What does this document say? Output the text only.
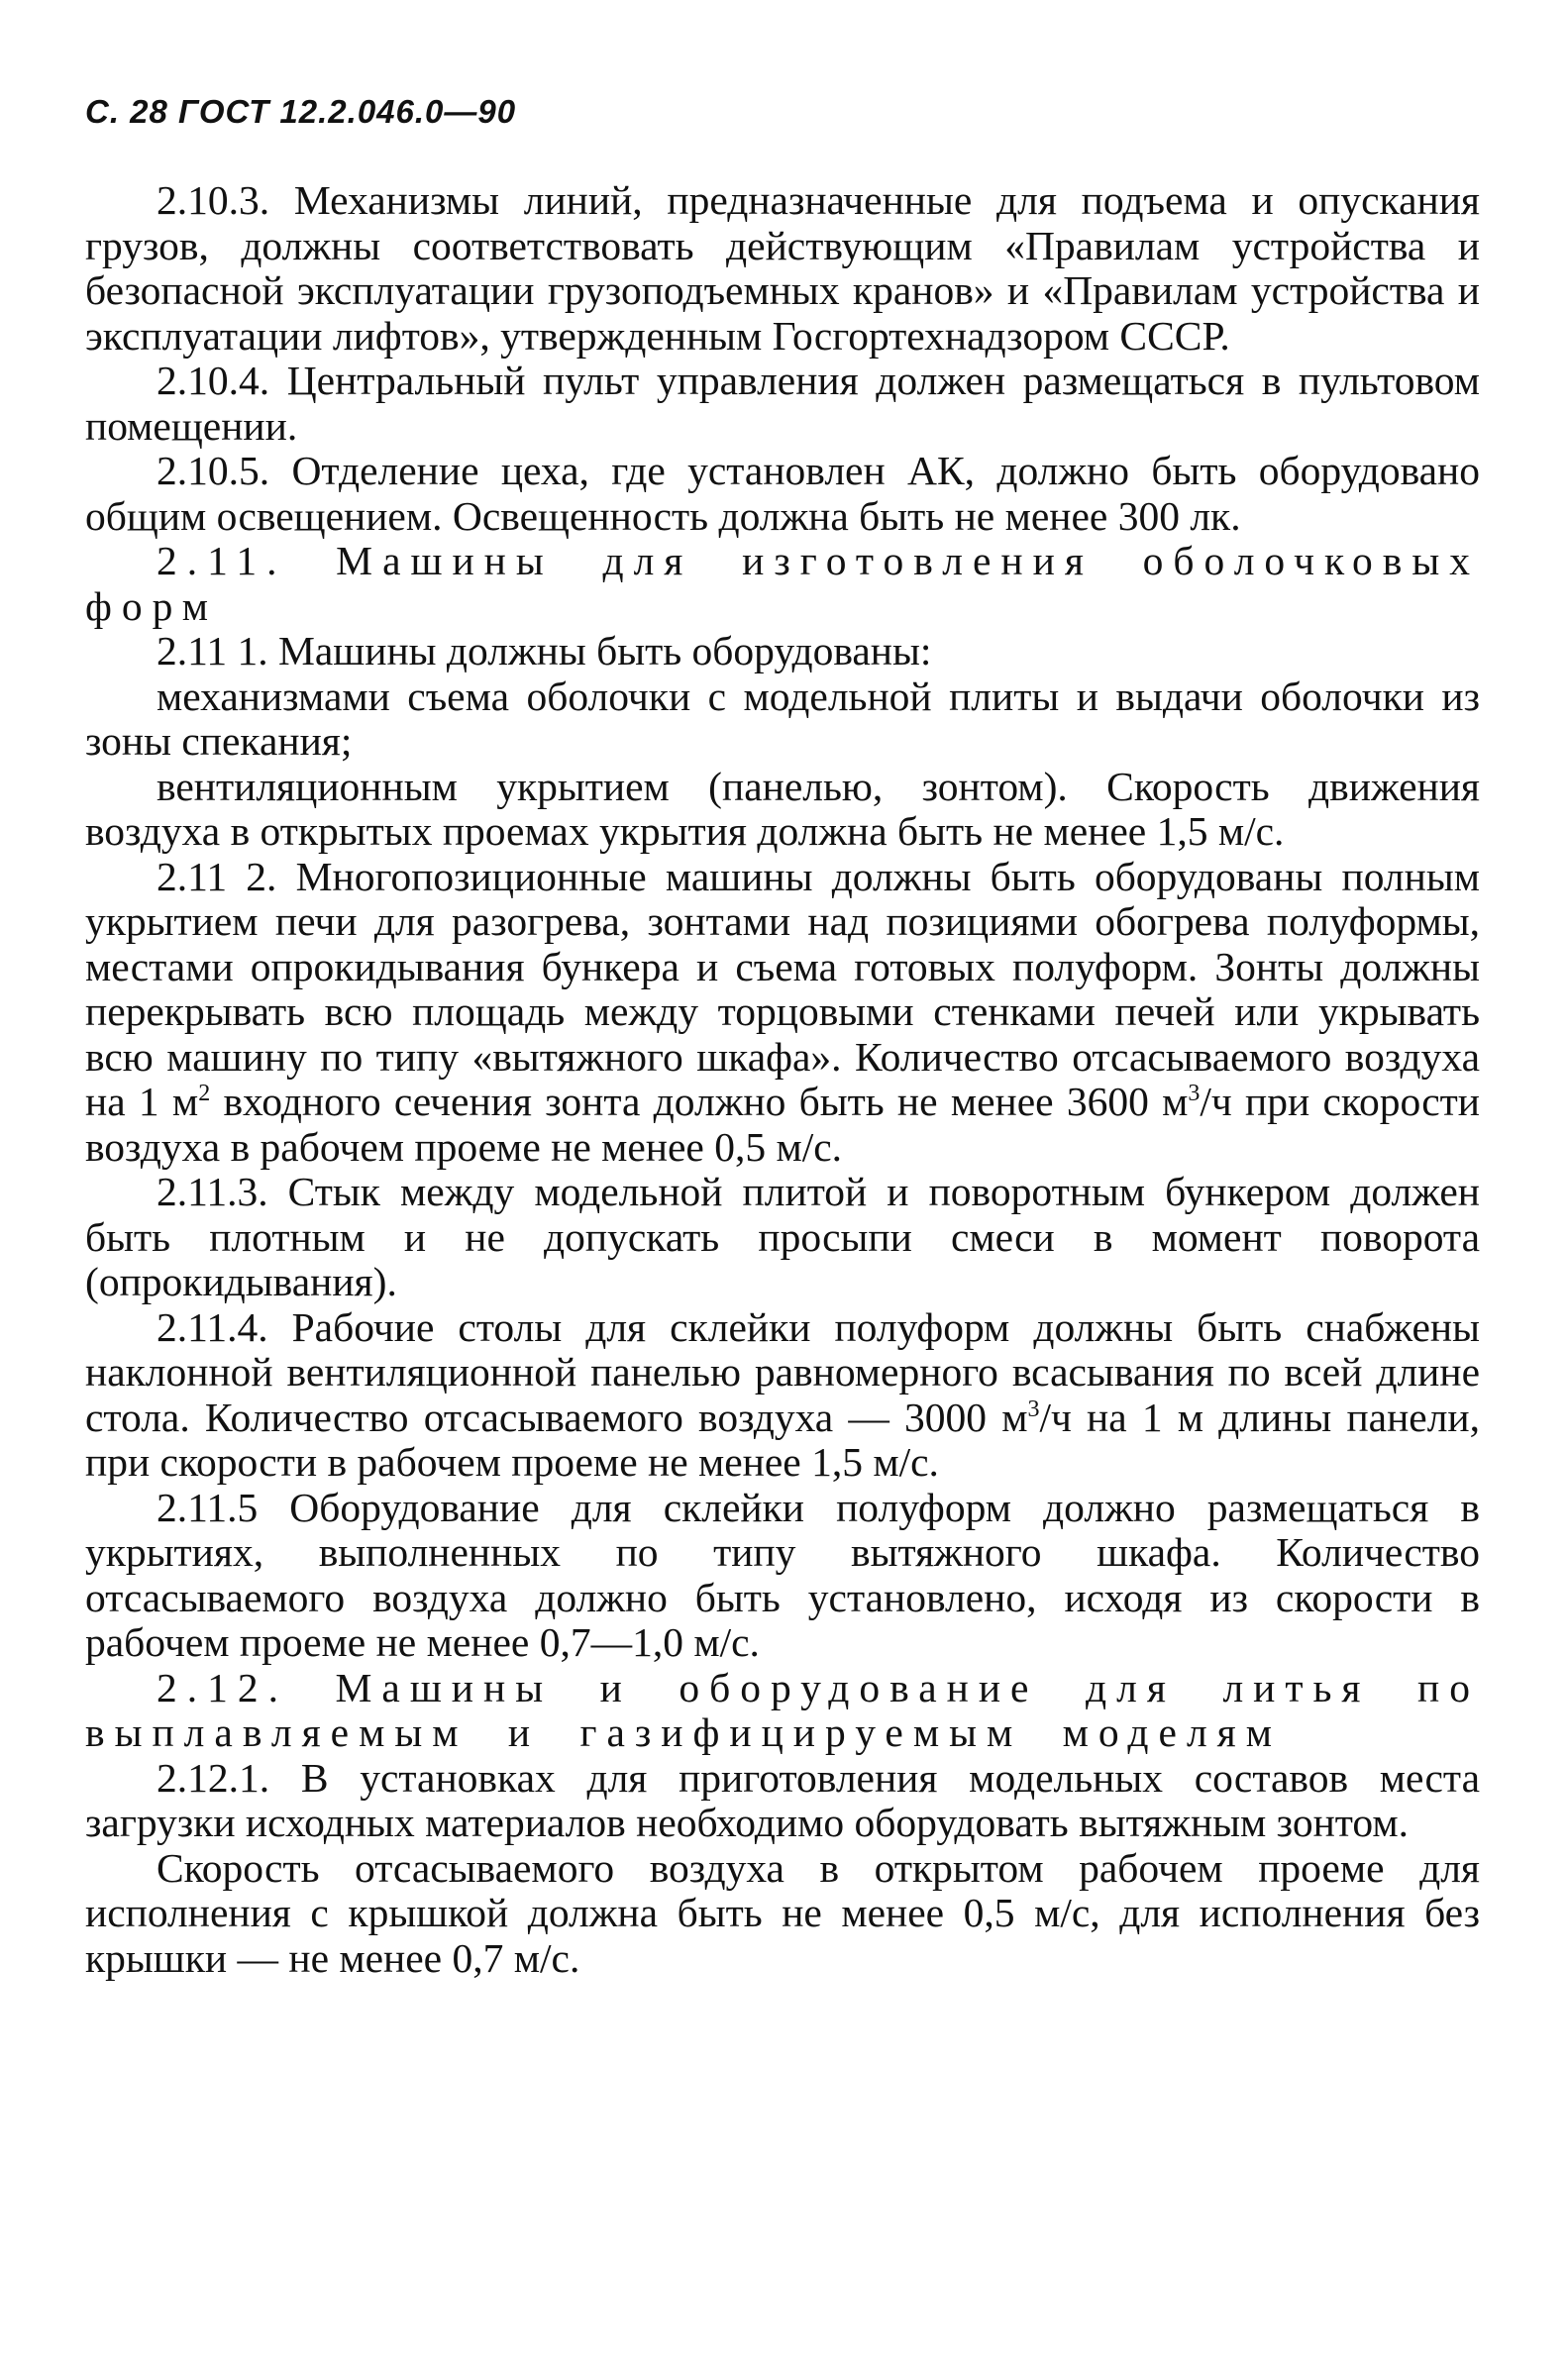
С. 28 ГОСТ 12.2.046.0—90

2.10.3. Механизмы линий, предназначенные для подъема и опускания грузов, должны соответствовать действующим «Правилам устройства и безопасной эксплуатации грузоподъемных кранов» и «Правилам устройства и эксплуатации лифтов», утвержденным Госгортехнадзором СССР.

2.10.4. Центральный пульт управления должен размещаться в пультовом помещении.

2.10.5. Отделение цеха, где установлен АК, должно быть оборудовано общим освещением. Освещенность должна быть не менее 300 лк.

2.11. Машины для изготовления оболочковых форм

2.11 1. Машины должны быть оборудованы:

механизмами съема оболочки с модельной плиты и выдачи оболочки из зоны спекания;

вентиляционным укрытием (панелью, зонтом). Скорость движения воздуха в открытых проемах укрытия должна быть не менее 1,5 м/с.

2.11 2. Многопозиционные машины должны быть оборудованы полным укрытием печи для разогрева, зонтами над позициями обогрева полуформы, местами опрокидывания бункера и съема готовых полуформ. Зонты должны перекрывать всю площадь между торцовыми стенками печей или укрывать всю машину по типу «вытяжного шкафа». Количество отсасываемого воздуха на 1 $м^2$ входного сечения зонта должно быть не менее 3600 $м^3/ч$ при скорости воздуха в рабочем проеме не менее 0,5 м/с.

2.11.3. Стык между модельной плитой и поворотным бункером должен быть плотным и не допускать просыпи смеси в момент поворота (опрокидывания).

2.11.4. Рабочие столы для склейки полуформ должны быть снабжены наклонной вентиляционной панелью равномерного всасывания по всей длине стола. Количество отсасываемого воздуха — 3000 $м^3/ч$ на 1 м длины панели, при скорости в рабочем проеме не менее 1,5 м/с.

2.11.5 Оборудование для склейки полуформ должно размещаться в укрытиях, выполненных по типу вытяжного шкафа. Количество отсасываемого воздуха должно быть установлено, исходя из скорости в рабочем проеме не менее 0,7—1,0 м/с.

2.12. Машины и оборудование для литья по выплавляемым и газифицируемым моделям

2.12.1. В установках для приготовления модельных составов места загрузки исходных материалов необходимо оборудовать вытяжным зонтом.

Скорость отсасываемого воздуха в открытом рабочем проеме для исполнения с крышкой должна быть не менее 0,5 м/с, для исполнения без крышки — не менее 0,7 м/с.
